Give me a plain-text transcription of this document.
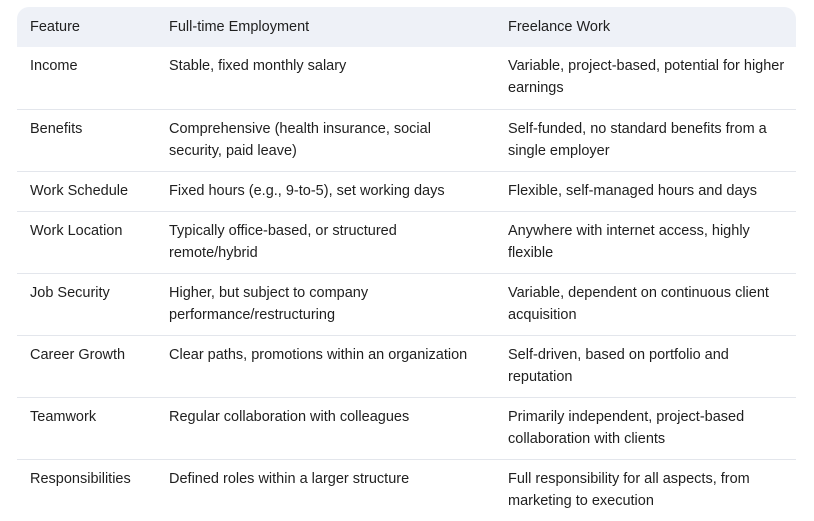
Feature	Full-time Employment	Freelance Work
Income	Stable, fixed monthly salary	Variable, project-based, potential for higher earnings
Benefits	Comprehensive (health insurance, social security, paid leave)	Self-funded, no standard benefits from a single employer
Work Schedule	Fixed hours (e.g., 9-to-5), set working days	Flexible, self-managed hours and days
Work Location	Typically office-based, or structured remote/hybrid	Anywhere with internet access, highly flexible
Job Security	Higher, but subject to company performance/restructuring	Variable, dependent on continuous client acquisition
Career Growth	Clear paths, promotions within an organization	Self-driven, based on portfolio and reputation
Teamwork	Regular collaboration with colleagues	Primarily independent, project-based collaboration with clients
Responsibilities	Defined roles within a larger structure	Full responsibility for all aspects, from marketing to execution
